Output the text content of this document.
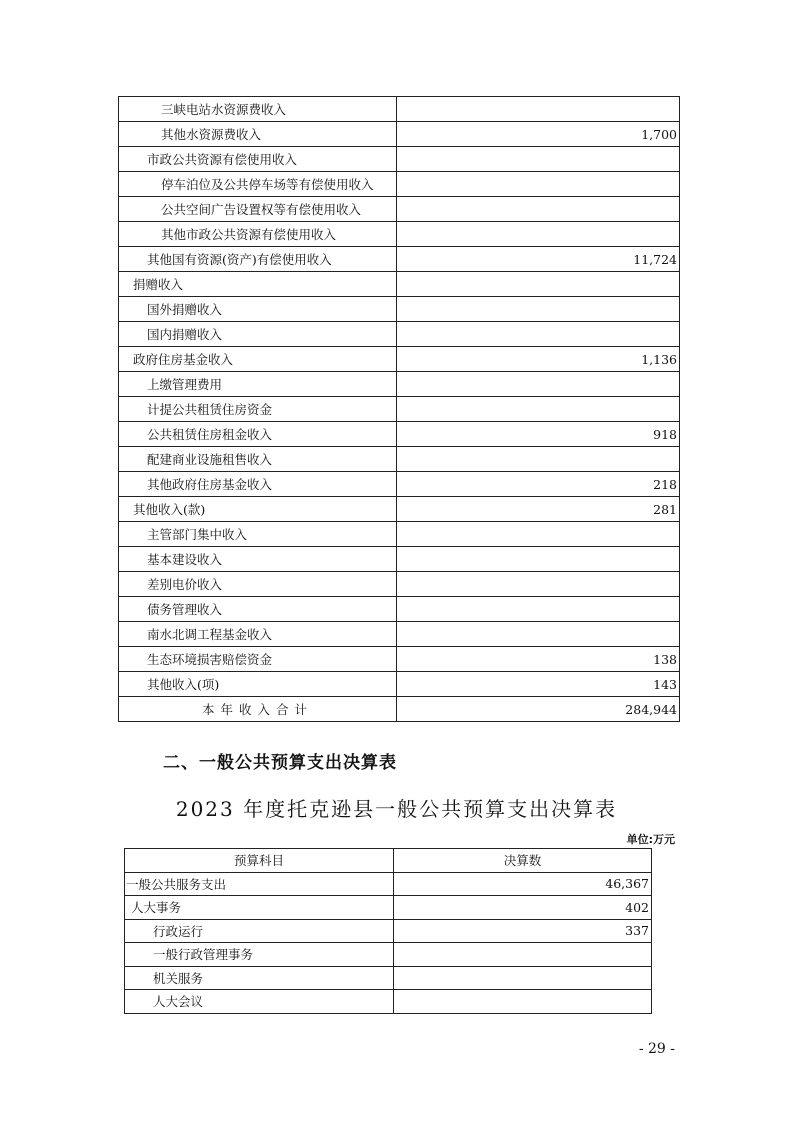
三峡电站水资源费收入	
其他水资源费收入	1,700
市政公共资源有偿使用收入	
停车泊位及公共停车场等有偿使用收入	
公共空间广告设置权等有偿使用收入	
其他市政公共资源有偿使用收入	
其他国有资源(资产)有偿使用收入	11,724
捐赠收入	
国外捐赠收入	
国内捐赠收入	
政府住房基金收入	1,136
上缴管理费用	
计提公共租赁住房资金	
公共租赁住房租金收入	918
配建商业设施租售收入	
其他政府住房基金收入	218
其他收入(款)	281
主管部门集中收入	
基本建设收入	
差别电价收入	
债务管理收入	
南水北调工程基金收入	
生态环境损害赔偿资金	138
其他收入(项)	143
本年收入合计	284,944
二、一般公共预算支出决算表
2023 年度托克逊县一般公共预算支出决算表
单位:万元
预算科目	决算数
一般公共服务支出	46,367
人大事务	402
行政运行	337
一般行政管理事务	
机关服务	
人大会议	
- 29 -
